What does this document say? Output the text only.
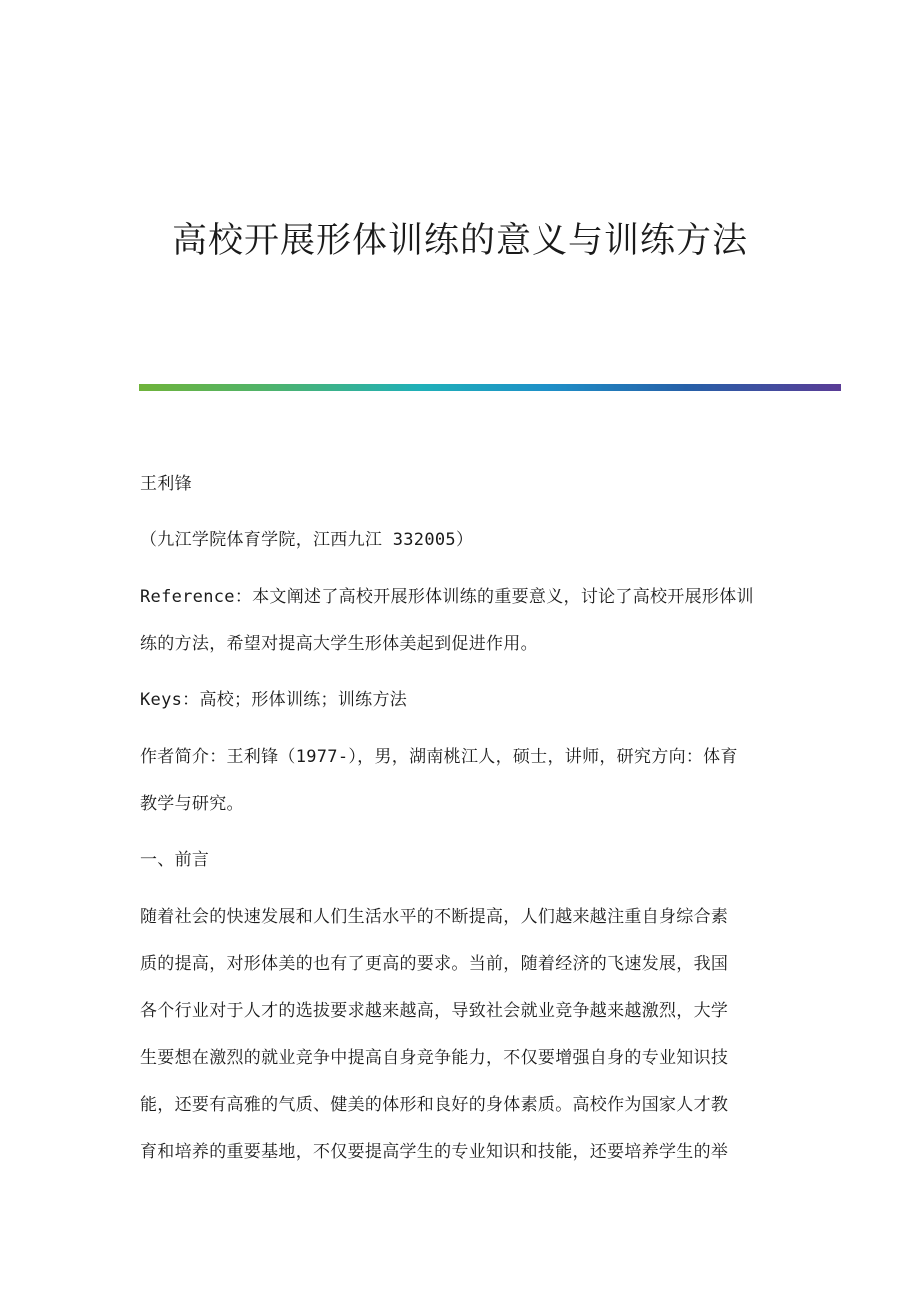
高校开展形体训练的意义与训练方法

王利锋

（九江学院体育学院，江西九江 332005）

Reference：本文阐述了高校开展形体训练的重要意义，讨论了高校开展形体训

练的方法，希望对提高大学生形体美起到促进作用。

Keys：高校；形体训练；训练方法

作者简介：王利锋（1977-），男，湖南桃江人，硕士，讲师，研究方向：体育

教学与研究。

一、前言

随着社会的快速发展和人们生活水平的不断提高，人们越来越注重自身综合素

质的提高，对形体美的也有了更高的要求。当前，随着经济的飞速发展，我国

各个行业对于人才的选拔要求越来越高，导致社会就业竞争越来越激烈，大学

生要想在激烈的就业竞争中提高自身竞争能力，不仅要增强自身的专业知识技

能，还要有高雅的气质、健美的体形和良好的身体素质。高校作为国家人才教

育和培养的重要基地，不仅要提高学生的专业知识和技能，还要培养学生的举
